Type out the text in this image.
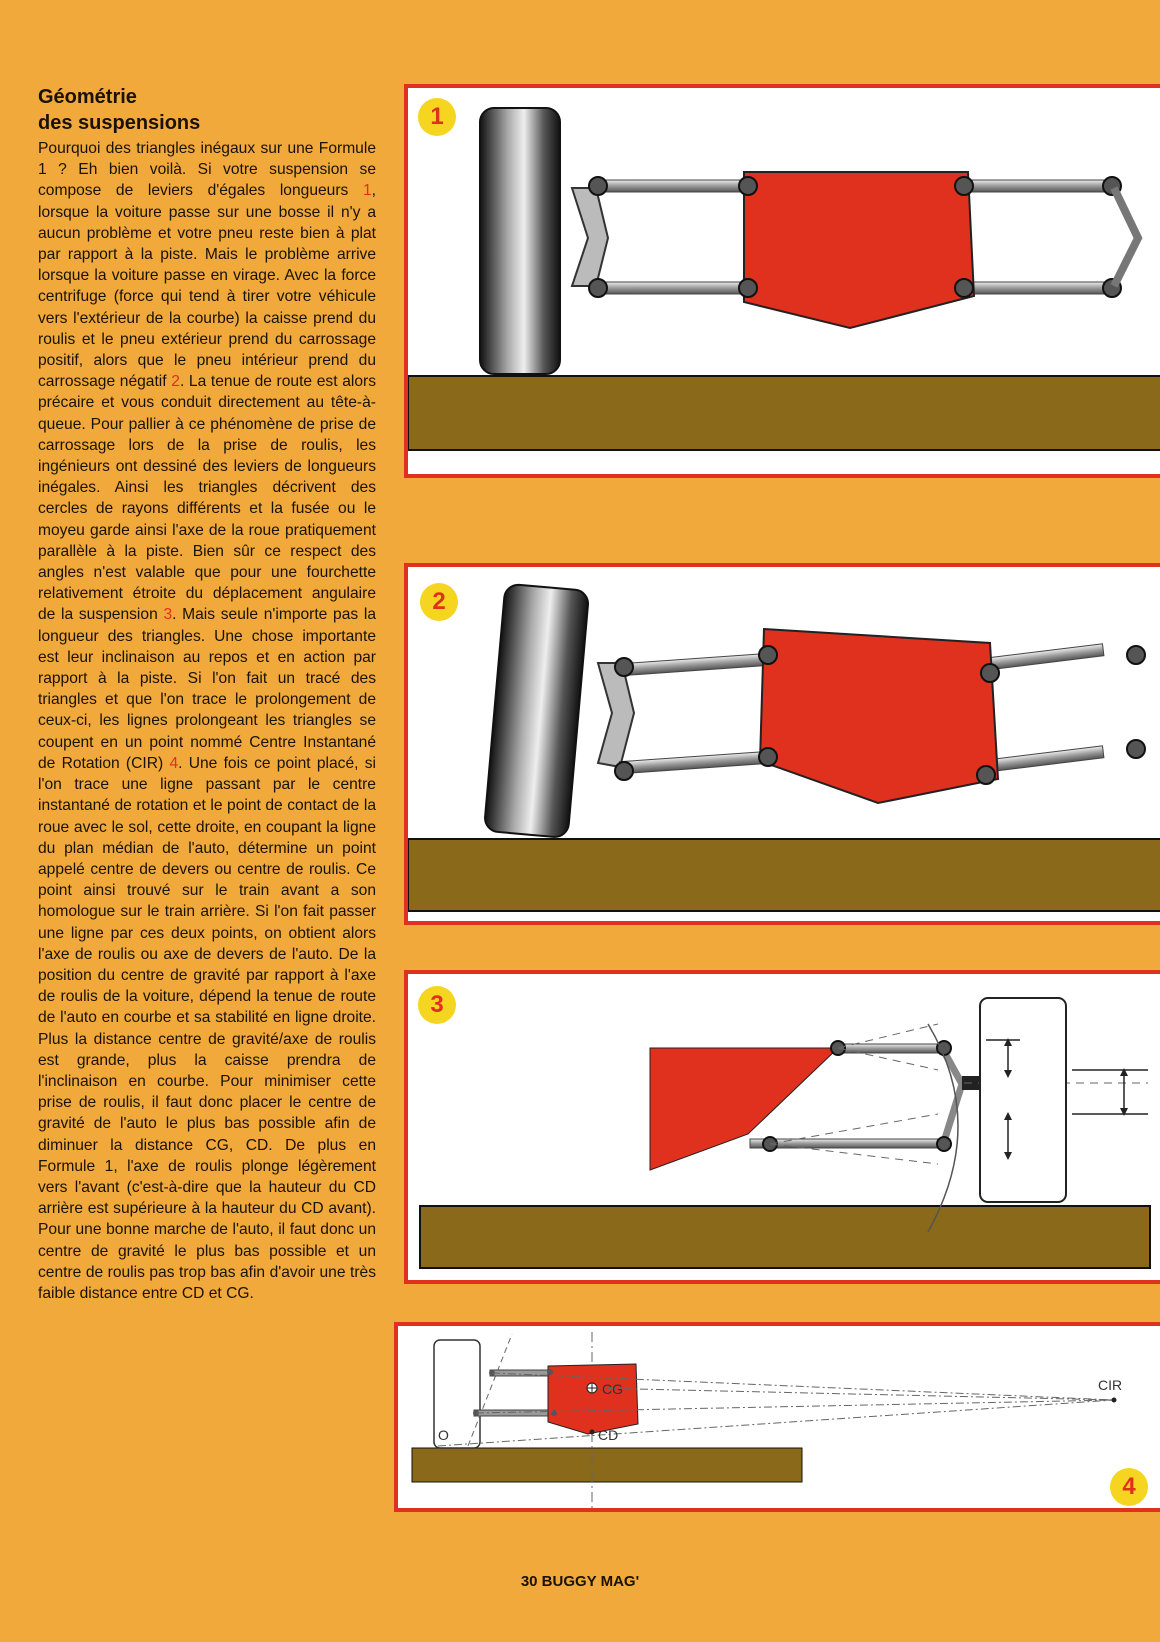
Géométrie
des suspensions

Pourquoi des triangles inégaux sur une Formule 1 ? Eh bien voilà. Si votre suspension se compose de leviers d'égales longueurs 1, lorsque la voiture passe sur une bosse il n'y a aucun problème et votre pneu reste bien à plat par rapport à la piste. Mais le problème arrive lorsque la voiture passe en virage. Avec la force centrifuge (force qui tend à tirer votre véhicule vers l'extérieur de la courbe) la caisse prend du roulis et le pneu extérieur prend du carrossage positif, alors que le pneu intérieur prend du carrossage négatif 2. La tenue de route est alors précaire et vous conduit directement au tête-à-queue. Pour pallier à ce phénomène de prise de carrossage lors de la prise de roulis, les ingénieurs ont dessiné des leviers de longueurs inégales. Ainsi les triangles décrivent des cercles de rayons différents et la fusée ou le moyeu garde ainsi l'axe de la roue pratiquement parallèle à la piste. Bien sûr ce respect des angles n'est valable que pour une fourchette relativement étroite du déplacement angulaire de la suspension 3. Mais seule n'importe pas la longueur des triangles. Une chose importante est leur inclinaison au repos et en action par rapport à la piste. Si l'on fait un tracé des triangles et que l'on trace le prolongement de ceux-ci, les lignes prolongeant les triangles se coupent en un point nommé Centre Instantané de Rotation (CIR) 4. Une fois ce point placé, si l'on trace une ligne passant par le centre instantané de rotation et le point de contact de la roue avec le sol, cette droite, en coupant la ligne du plan médian de l'auto, détermine un point appelé centre de devers ou centre de roulis. Ce point ainsi trouvé sur le train avant a son homologue sur le train arrière. Si l'on fait passer une ligne par ces deux points, on obtient alors l'axe de roulis ou axe de devers de l'auto. De la position du centre de gravité par rapport à l'axe de roulis de la voiture, dépend la tenue de route de l'auto en courbe et sa stabilité en ligne droite. Plus la distance centre de gravité/axe de roulis est grande, plus la caisse prendra de l'inclinaison en courbe. Pour minimiser cette prise de roulis, il faut donc placer le centre de gravité de l'auto le plus bas possible afin de diminuer la distance CG, CD. De plus en Formule 1, l'axe de roulis plonge légèrement vers l'avant (c'est-à-dire que la hauteur du CD arrière est supérieure à la hauteur du CD avant). Pour une bonne marche de l'auto, il faut donc un centre de gravité le plus bas possible et un centre de roulis pas trop bas afin d'avoir une très faible distance entre CD et CG.

1
2
3
CG
CD
CIR
O
4
30 BUGGY MAG'
